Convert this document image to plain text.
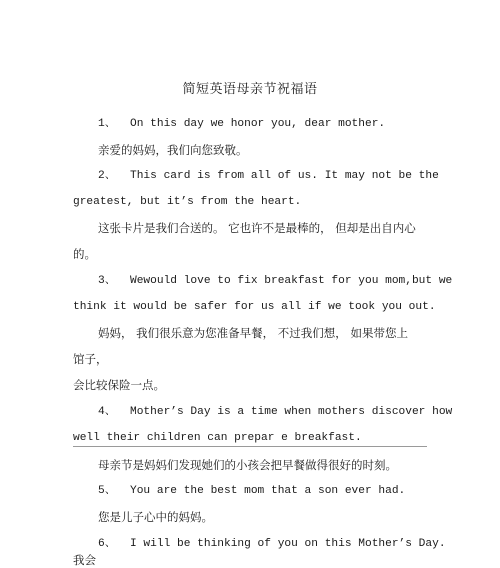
简短英语母亲节祝福语
1、 On this day we honor you, dear mother.
亲爱的妈妈，我们向您致敬。
2、 This card is from all of us. It may not be the
greatest, but it’s from the heart.
这张卡片是我们合送的。 它也许不是最棒的， 但却是出自内心
的。
3、 Wewould love to fix breakfast for you mom,but we
think it would be safer for us all if we took you out.
妈妈， 我们很乐意为您准备早餐， 不过我们想， 如果带您上
馆子，
会比较保险一点。
4、 Mother’s Day is a time when mothers discover how
well their children can prepar e breakfast.
母亲节是妈妈们发现她们的小孩会把早餐做得很好的时刻。
5、 You are the best mom that a son ever had.
您是儿子心中的妈妈。
6、 I will be thinking of you on this Mother’s Day.
我会
